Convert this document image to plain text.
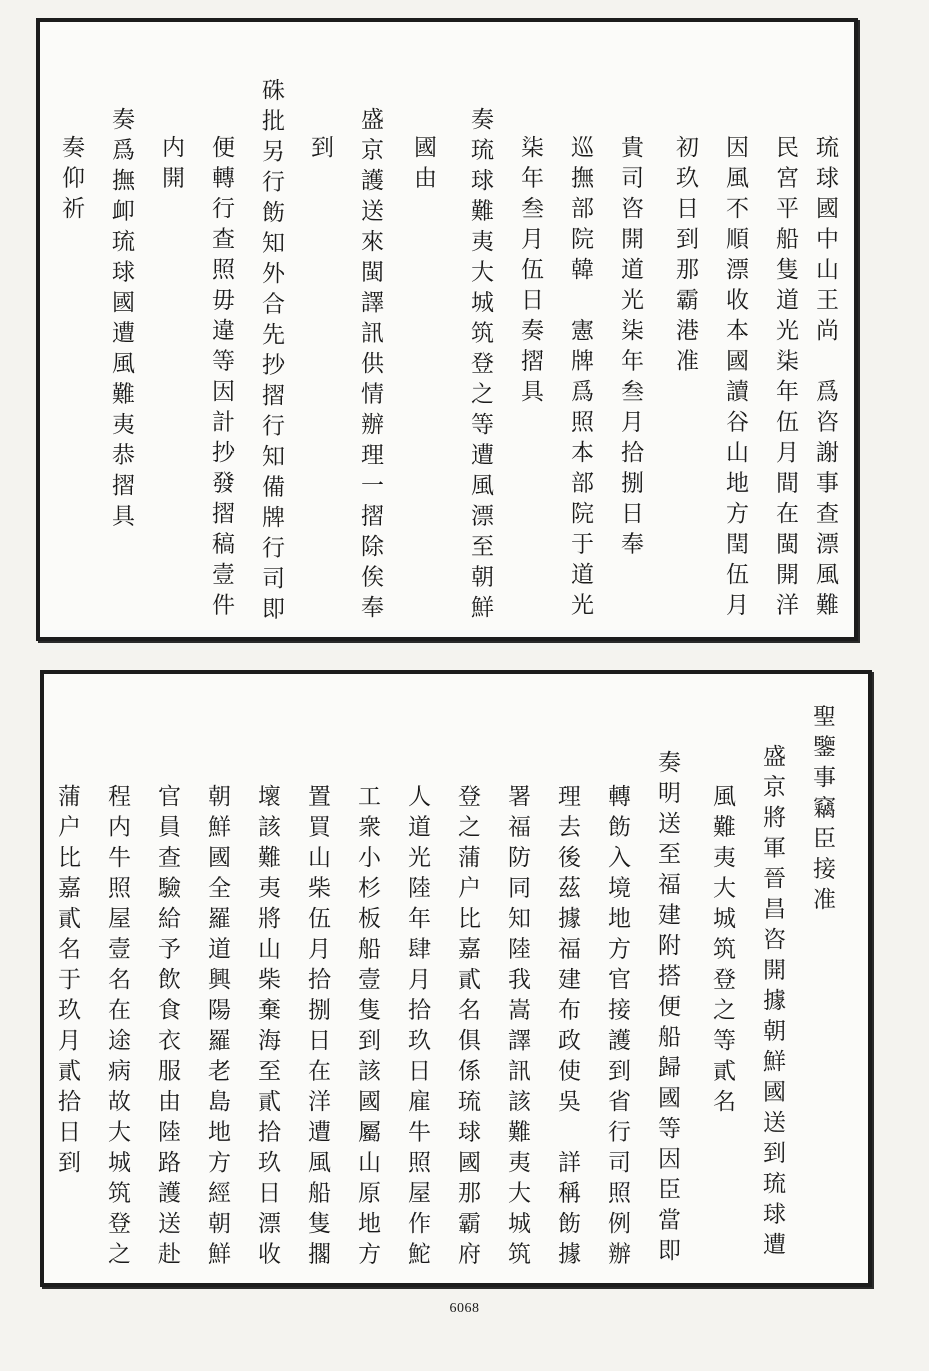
琉球國中山王尚　爲咨謝事查漂風難
民宮平船隻道光柒年伍月間在閩開洋
因風不順漂收本國讀谷山地方閏伍月
初玖日到那霸港准
貴司咨開道光柒年叁月拾捌日奉
巡撫部院韓　憲牌爲照本部院于道光
柒年叁月伍日奏摺具
奏琉球難夷大城筑登之等遭風漂至朝鮮
國由
盛京護送來閩譯訊供情辦理一摺除俟奉
到
硃批另行飭知外合先抄摺行知備牌行司即
便轉行查照毋違等因計抄發摺稿壹件
内開
奏爲撫卹琉球國遭風難夷恭摺具
奏仰祈
聖鑒事竊臣接准
盛京將軍晉昌咨開據朝鮮國送到琉球遭
風難夷大城筑登之等貳名
奏明送至福建附搭便船歸國等因臣當即
轉飭入境地方官接護到省行司照例辦
理去後茲據福建布政使吳　詳稱飭據
署福防同知陸我嵩譯訊該難夷大城筑
登之蒲户比嘉貳名俱係琉球國那霸府
人道光陸年肆月拾玖日雇牛照屋作鮀
工衆小杉板船壹隻到該國屬山原地方
置買山柴伍月拾捌日在洋遭風船隻擱
壞該難夷將山柴棄海至貳拾玖日漂收
朝鮮國全羅道興陽羅老島地方經朝鮮
官員查驗給予飲食衣服由陸路護送赴
程内牛照屋壹名在途病故大城筑登之
蒲户比嘉貳名于玖月貳拾日到
6068
